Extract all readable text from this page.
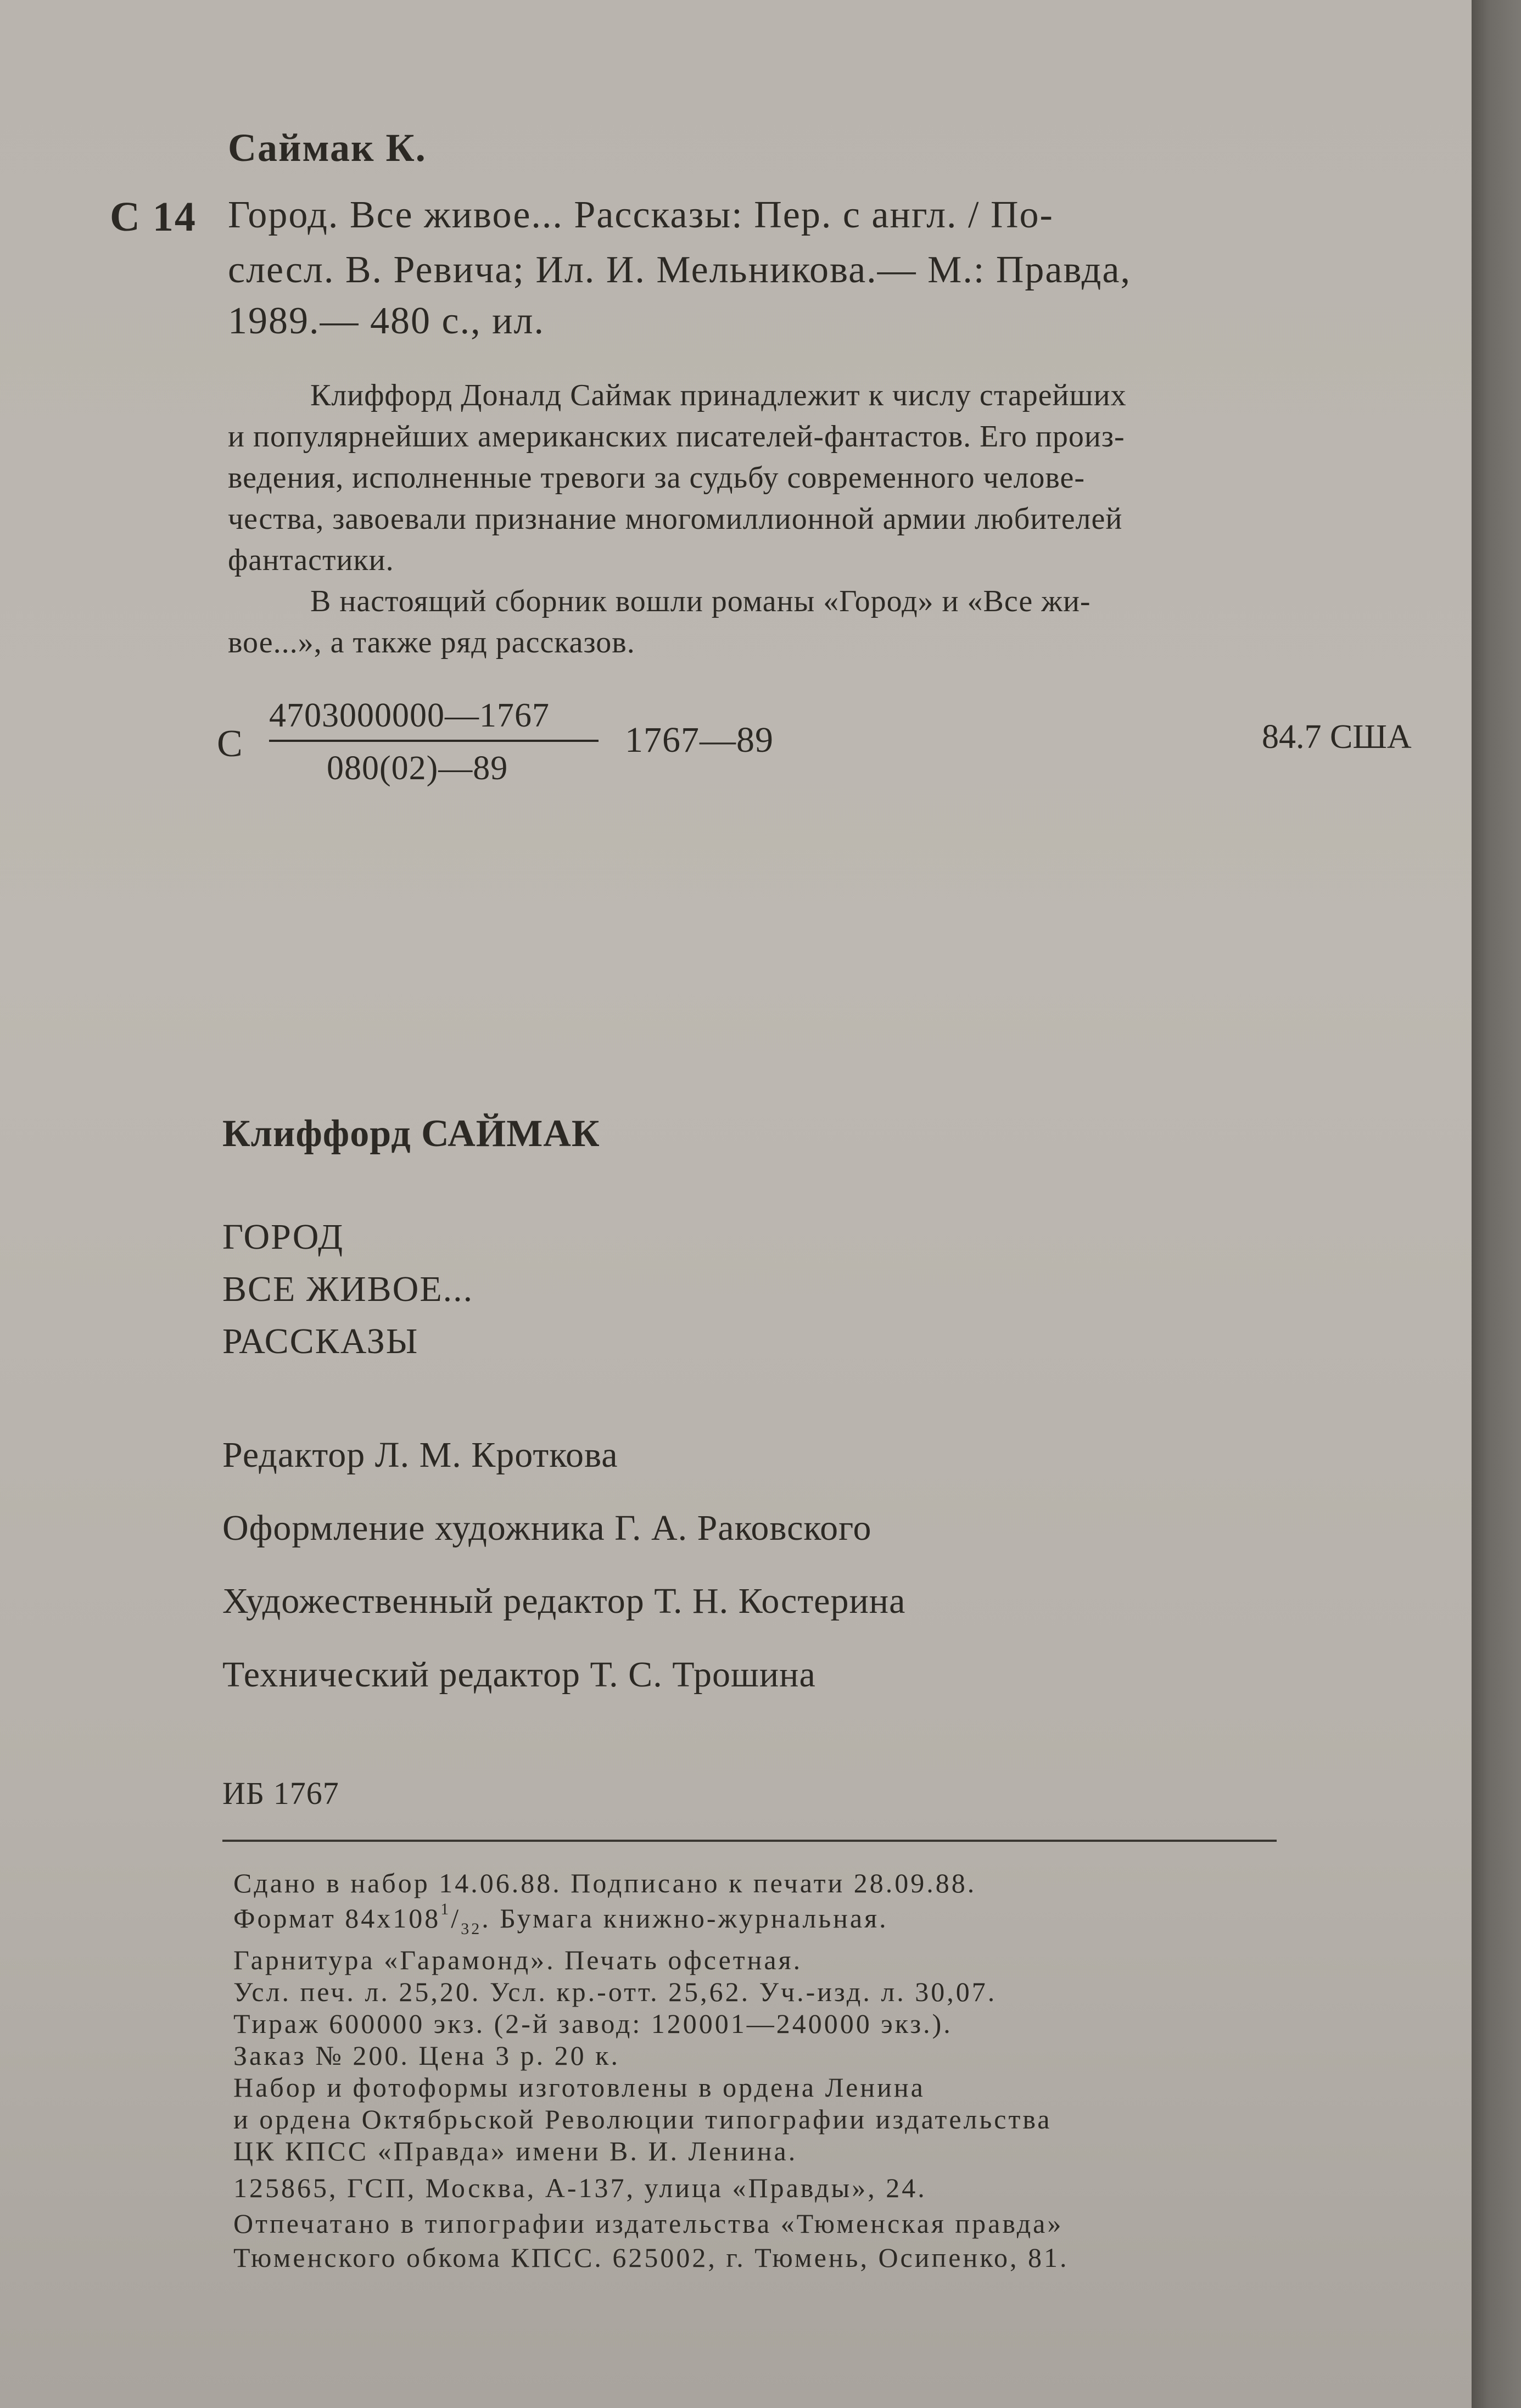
Саймак К.
С 14 Город. Все живое... Рассказы: Пер. с англ. / По-
слесл. В. Ревича; Ил. И. Мельникова.— М.: Правда,
1989.— 480 с., ил.
Клиффорд Доналд Саймак принадлежит к числу старейших
и популярнейших американских писателей-фантастов. Его произ-
ведения, исполненные тревоги за судьбу современного челове-
чества, завоевали признание многомиллионной армии любителей
фантастики.
В настоящий сборник вошли романы «Город» и «Все жи-
вое...», а также ряд рассказов.
С
4703000000—1767
080(02)—89
1767—89	84.7 США
Клиффорд САЙМАК
ГОРОД
ВСЕ ЖИВОЕ...
РАССКАЗЫ
Редактор Л. М. Кроткова
Оформление художника Г. А. Раковского
Художественный редактор Т. Н. Костерина
Технический редактор Т. С. Трошина
ИБ 1767
Сдано в набор 14.06.88. Подписано к печати 28.09.88.
Формат $84х108^1/_{32}$. Бумага книжно-журнальная.
Гарнитура «Гарамонд». Печать офсетная.
Усл. печ. л. 25,20. Усл. кр.-отт. 25,62. Уч.-изд. л. 30,07.
Тираж 600000 экз. (2-й завод: 120001—240000 экз.).
Заказ № 200. Цена 3 р. 20 к.
Набор и фотоформы изготовлены в ордена Ленина
и ордена Октябрьской Революции типографии издательства
ЦК КПСС «Правда» имени В. И. Ленина.
125865, ГСП, Москва, А-137, улица «Правды», 24.
Отпечатано в типографии издательства «Тюменская правда»
Тюменского обкома КПСС. 625002, г. Тюмень, Осипенко, 81.
